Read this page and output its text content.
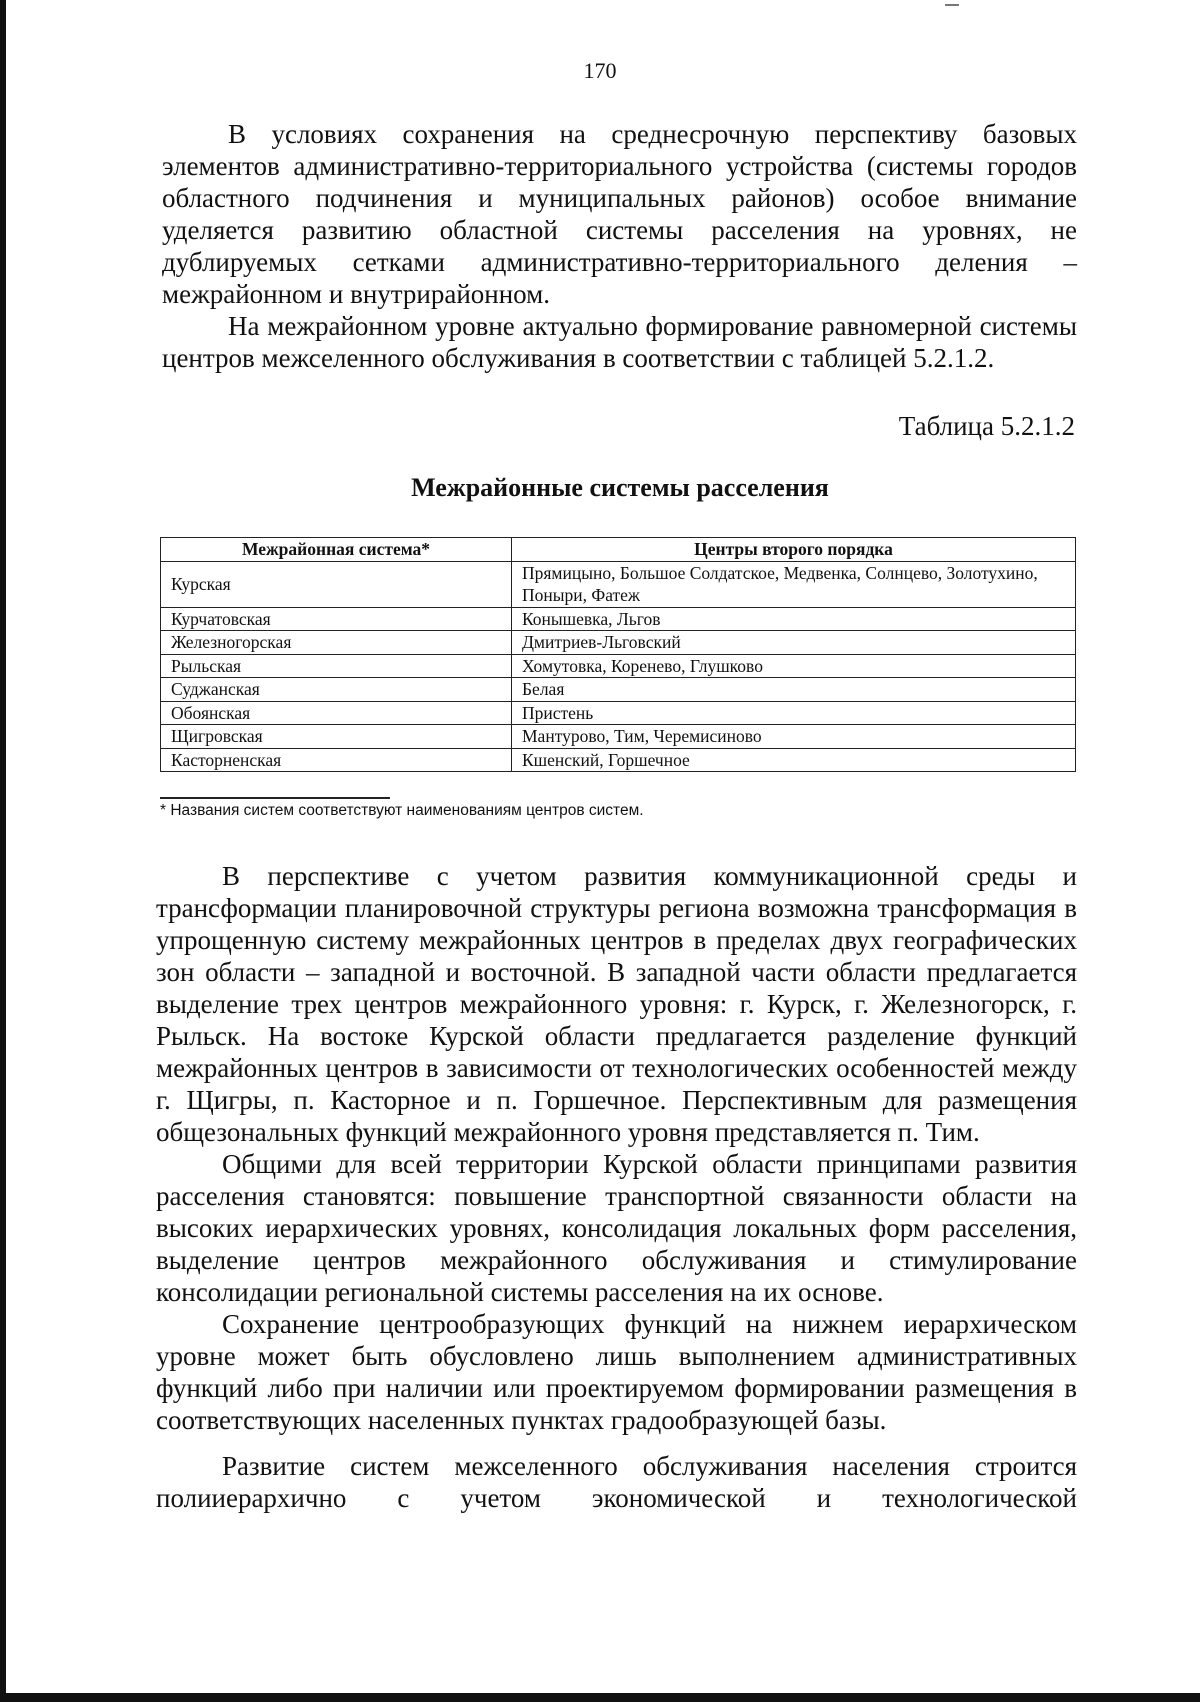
170

В условиях сохранения на среднесрочную перспективу базовых элементов административно-территориального устройства (системы городов областного подчинения и муниципальных районов) особое внимание уделяется развитию областной системы расселения на уровнях, не дублируемых сетками административно-территориального деления – межрайонном и внутрирайонном.

На межрайонном уровне актуально формирование равномерной системы центров межселенного обслуживания в соответствии с таблицей 5.2.1.2.

Таблица 5.2.1.2
Межрайонные системы расселения
Межрайонная система*	Центры второго порядка
Курская	Прямицыно, Большое Солдатское, Медвенка, Солнцево, Золотухино, Поныри, Фатеж
Курчатовская	Конышевка, Льгов
Железногорская	Дмитриев-Льговский
Рыльская	Хомутовка, Кореневo, Глушково
Суджанская	Белая
Обоянская	Пристень
Щигровская	Мантурово, Тим, Черемисиново
Касторненская	Кшенский, Горшечное
* Названия систем соответствуют наименованиям центров систем.

В перспективе с учетом развития коммуникационной среды и трансформации планировочной структуры региона возможна трансформация в упрощенную систему межрайонных центров в пределах двух географических зон области – западной и восточной. В западной части области предлагается выделение трех центров межрайонного уровня: г. Курск, г. Железногорск, г. Рыльск. На востоке Курской области предлагается разделение функций межрайонных центров в зависимости от технологических особенностей между г. Щигры, п. Касторное и п. Горшечное. Перспективным для размещения общезональных функций межрайонного уровня представляется п. Тим.

Общими для всей территории Курской области принципами развития расселения становятся: повышение транспортной связанности области на высоких иерархических уровнях, консолидация локальных форм расселения, выделение центров межрайонного обслуживания и стимулирование консолидации региональной системы расселения на их основе.

Сохранение центрообразующих функций на нижнем иерархическом уровне может быть обусловлено лишь выполнением административных функций либо при наличии или проектируемом формировании размещения в соответствующих населенных пунктах градообразующей базы.

Развитие систем межселенного обслуживания населения строится полииерархично с учетом экономической и технологической
